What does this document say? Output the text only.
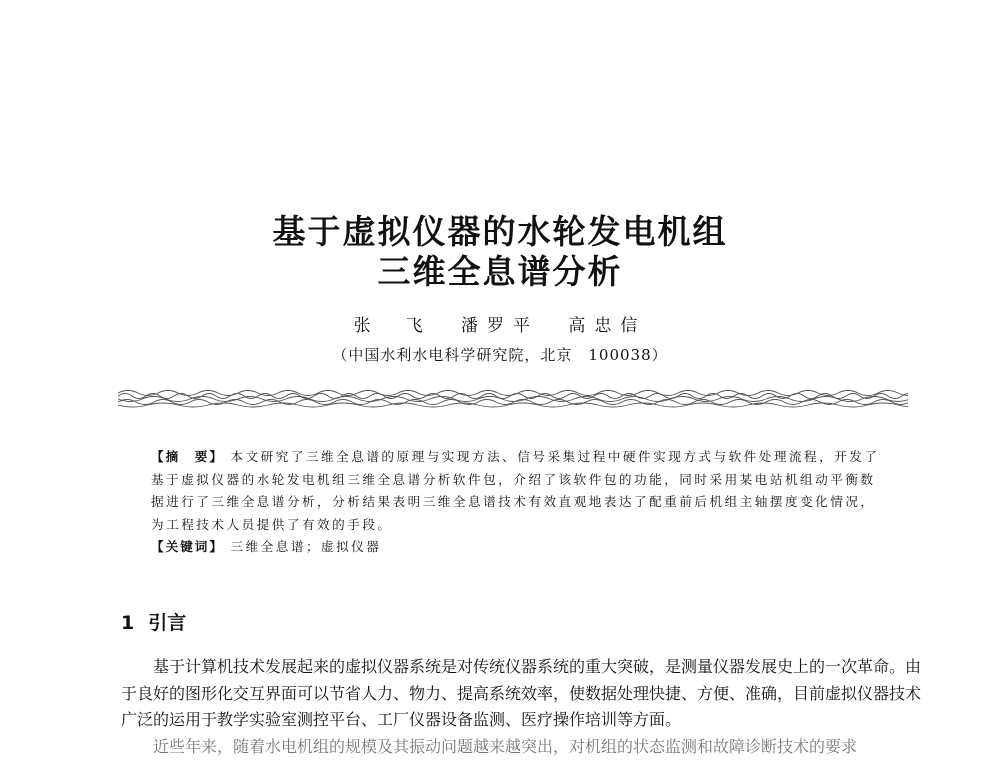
基于虚拟仪器的水轮发电机组
三维全息谱分析
张　飞 潘罗平 高忠信
（中国水利水电科学研究院，北京　100038）

【摘　要】 本文研究了三维全息谱的原理与实现方法、信号采集过程中硬件实现方式与软件处理流程，开发了基于虚拟仪器的水轮发电机组三维全息谱分析软件包，介绍了该软件包的功能，同时采用某电站机组动平衡数据进行了三维全息谱分析，分析结果表明三维全息谱技术有效直观地表达了配重前后机组主轴摆度变化情况，为工程技术人员提供了有效的手段。

【关键词】 三维全息谱；虚拟仪器

1 引言

基于计算机技术发展起来的虚拟仪器系统是对传统仪器系统的重大突破，是测量仪器发展史上的一次革命。由于良好的图形化交互界面可以节省人力、物力、提高系统效率，使数据处理快捷、方便、准确，目前虚拟仪器技术广泛的运用于教学实验室测控平台、工厂仪器设备监测、医疗操作培训等方面。

近些年来，随着水电机组的规模及其振动问题越来越突出，对机组的状态监测和故障诊断技术的要求
